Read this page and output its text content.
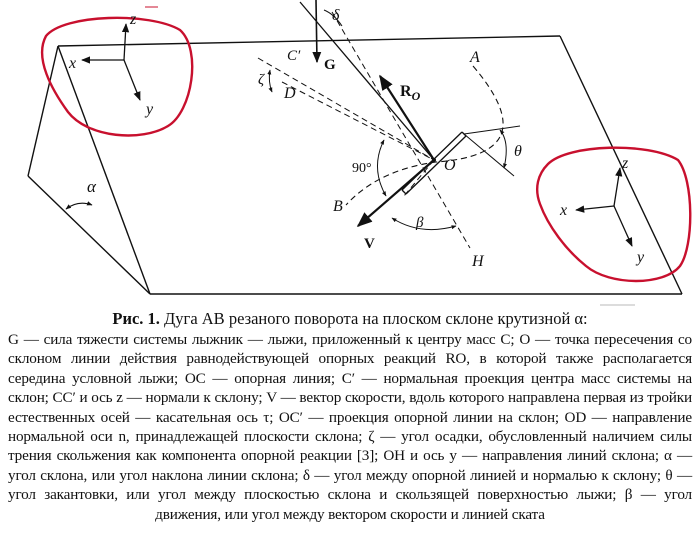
α
z
x
y
z
x
y
A
B
δ
G
C′
ζ
D	$R_O$
O
θ
90°
V
β
H
Рис. 1. Дуга AB резаного поворота на плоском склоне крутизной α:
G — сила тяжести системы лыжник — лыжи, приложенный к центру масс C; O — точка пересечения со склоном линии действия равнодействующей опорных реакций RO, в которой также располагается середина условной лыжи; OC — опорная линия; C′ — нормальная проекция центра масс системы на склон; CC′ и ось z — нормали к склону; V — вектор скорости, вдоль которого направлена первая из тройки естественных осей — касательная ось τ; OC′ — проекция опорной линии на склон; OD — направление нормальной оси n, принадлежащей плоскости склона; ζ — угол осадки, обусловленный наличием силы трения скольжения как компонента опорной реакции [3]; OH и ось y — направления линий склона; α — угол склона, или угол наклона линии склона; δ — угол между опорной линией и нормалью к склону; θ — угол закантовки, или угол между плоскостью склона и скользящей поверхностью лыжи; β — угол движения, или угол между вектором скорости и линией ската
